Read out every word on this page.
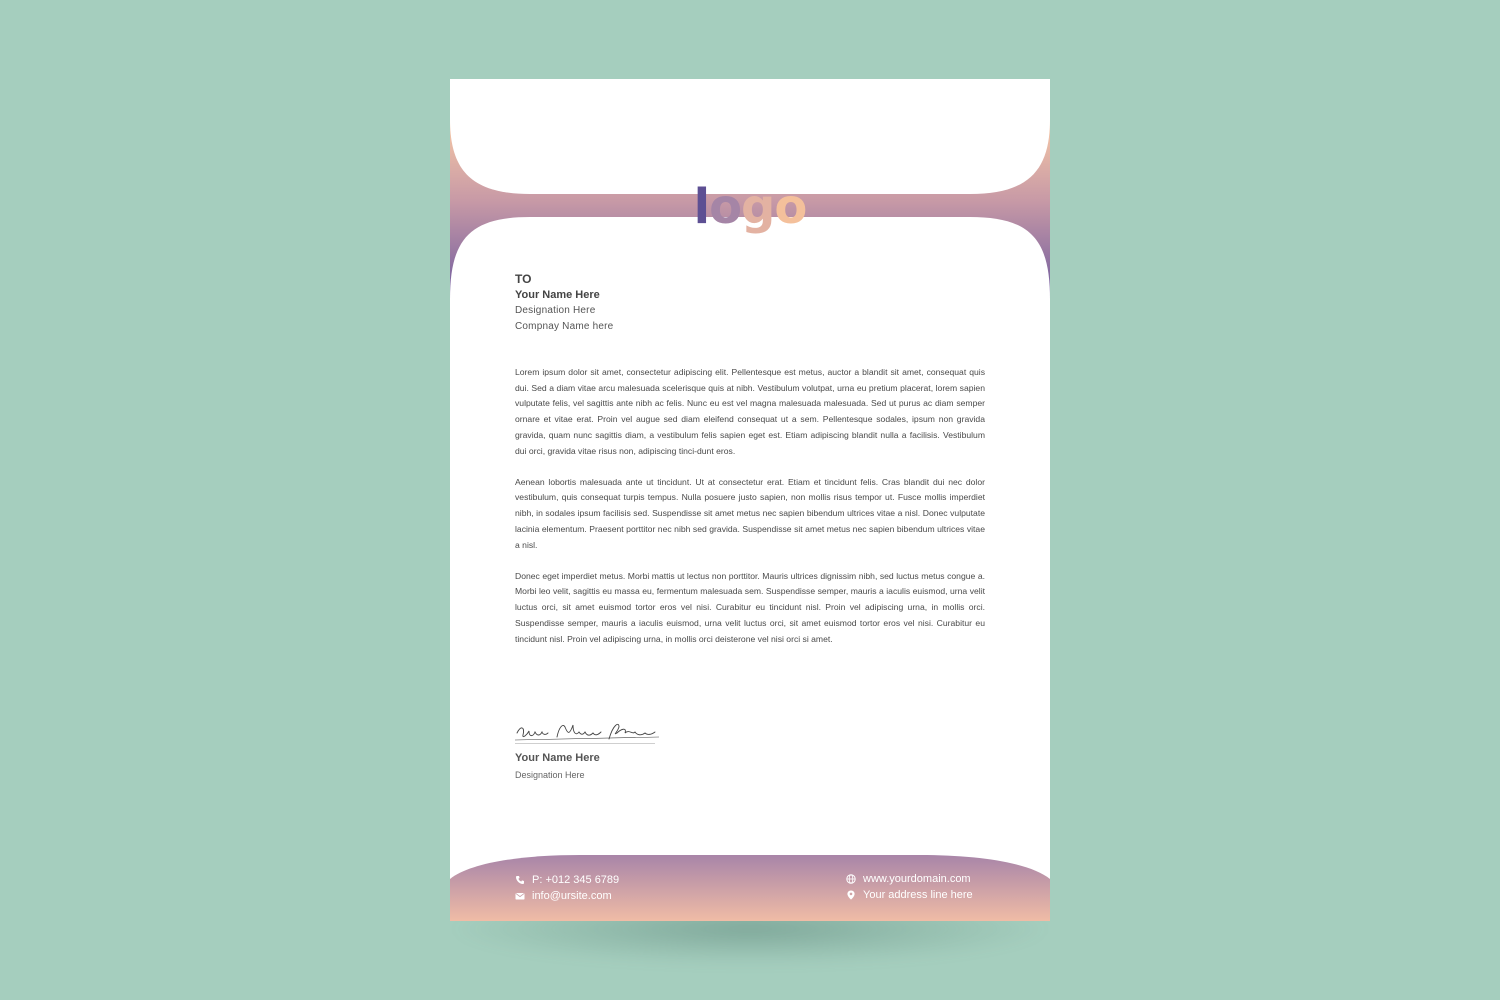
logo
TO
Your Name Here
Designation Here
Compnay Name here

Lorem ipsum dolor sit amet, consectetur adipiscing elit. Pellentesque est metus, auctor a blandit sit amet, consequat quis dui. Sed a diam vitae arcu malesuada scelerisque quis at nibh. Vestibulum volutpat, urna eu pretium placerat, lorem sapien vulputate felis, vel sagittis ante nibh ac felis. Nunc eu est vel magna malesuada malesuada. Sed ut purus ac diam semper ornare et vitae erat. Proin vel augue sed diam eleifend consequat ut a sem. Pellentesque sodales, ipsum non gravida gravida, quam nunc sagittis diam, a vestibulum felis sapien eget est. Etiam adipiscing blandit nulla a facilisis. Vestibulum dui orci, gravida vitae risus non, adipiscing tinci-dunt eros.

Aenean lobortis malesuada ante ut tincidunt. Ut at consectetur erat. Etiam et tincidunt felis. Cras blandit dui nec dolor vestibulum, quis consequat turpis tempus. Nulla posuere justo sapien, non mollis risus tempor ut. Fusce mollis imperdiet nibh, in sodales ipsum facilisis sed. Suspendisse sit amet metus nec sapien bibendum ultrices vitae a nisl. Donec vulputate lacinia elementum. Praesent porttitor nec nibh sed gravida. Suspendisse sit amet metus nec sapien bibendum ultrices vitae a nisl.

Donec eget imperdiet metus. Morbi mattis ut lectus non porttitor. Mauris ultrices dignissim nibh, sed luctus metus congue a. Morbi leo velit, sagittis eu massa eu, fermentum malesuada sem. Suspendisse semper, mauris a iaculis euismod, urna velit luctus orci, sit amet euismod tortor eros vel nisi. Curabitur eu tincidunt nisl. Proin vel adipiscing urna, in mollis orci. Suspendisse semper, mauris a iaculis euismod, urna velit luctus orci, sit amet euismod tortor eros vel nisi. Curabitur eu tincidunt nisl. Proin vel adipiscing urna, in mollis orci deisterone vel nisi orci si amet.

Your Name Here
Designation Here
P: +012 345 6789
info@ursite.com
www.yourdomain.com
Your address line here
